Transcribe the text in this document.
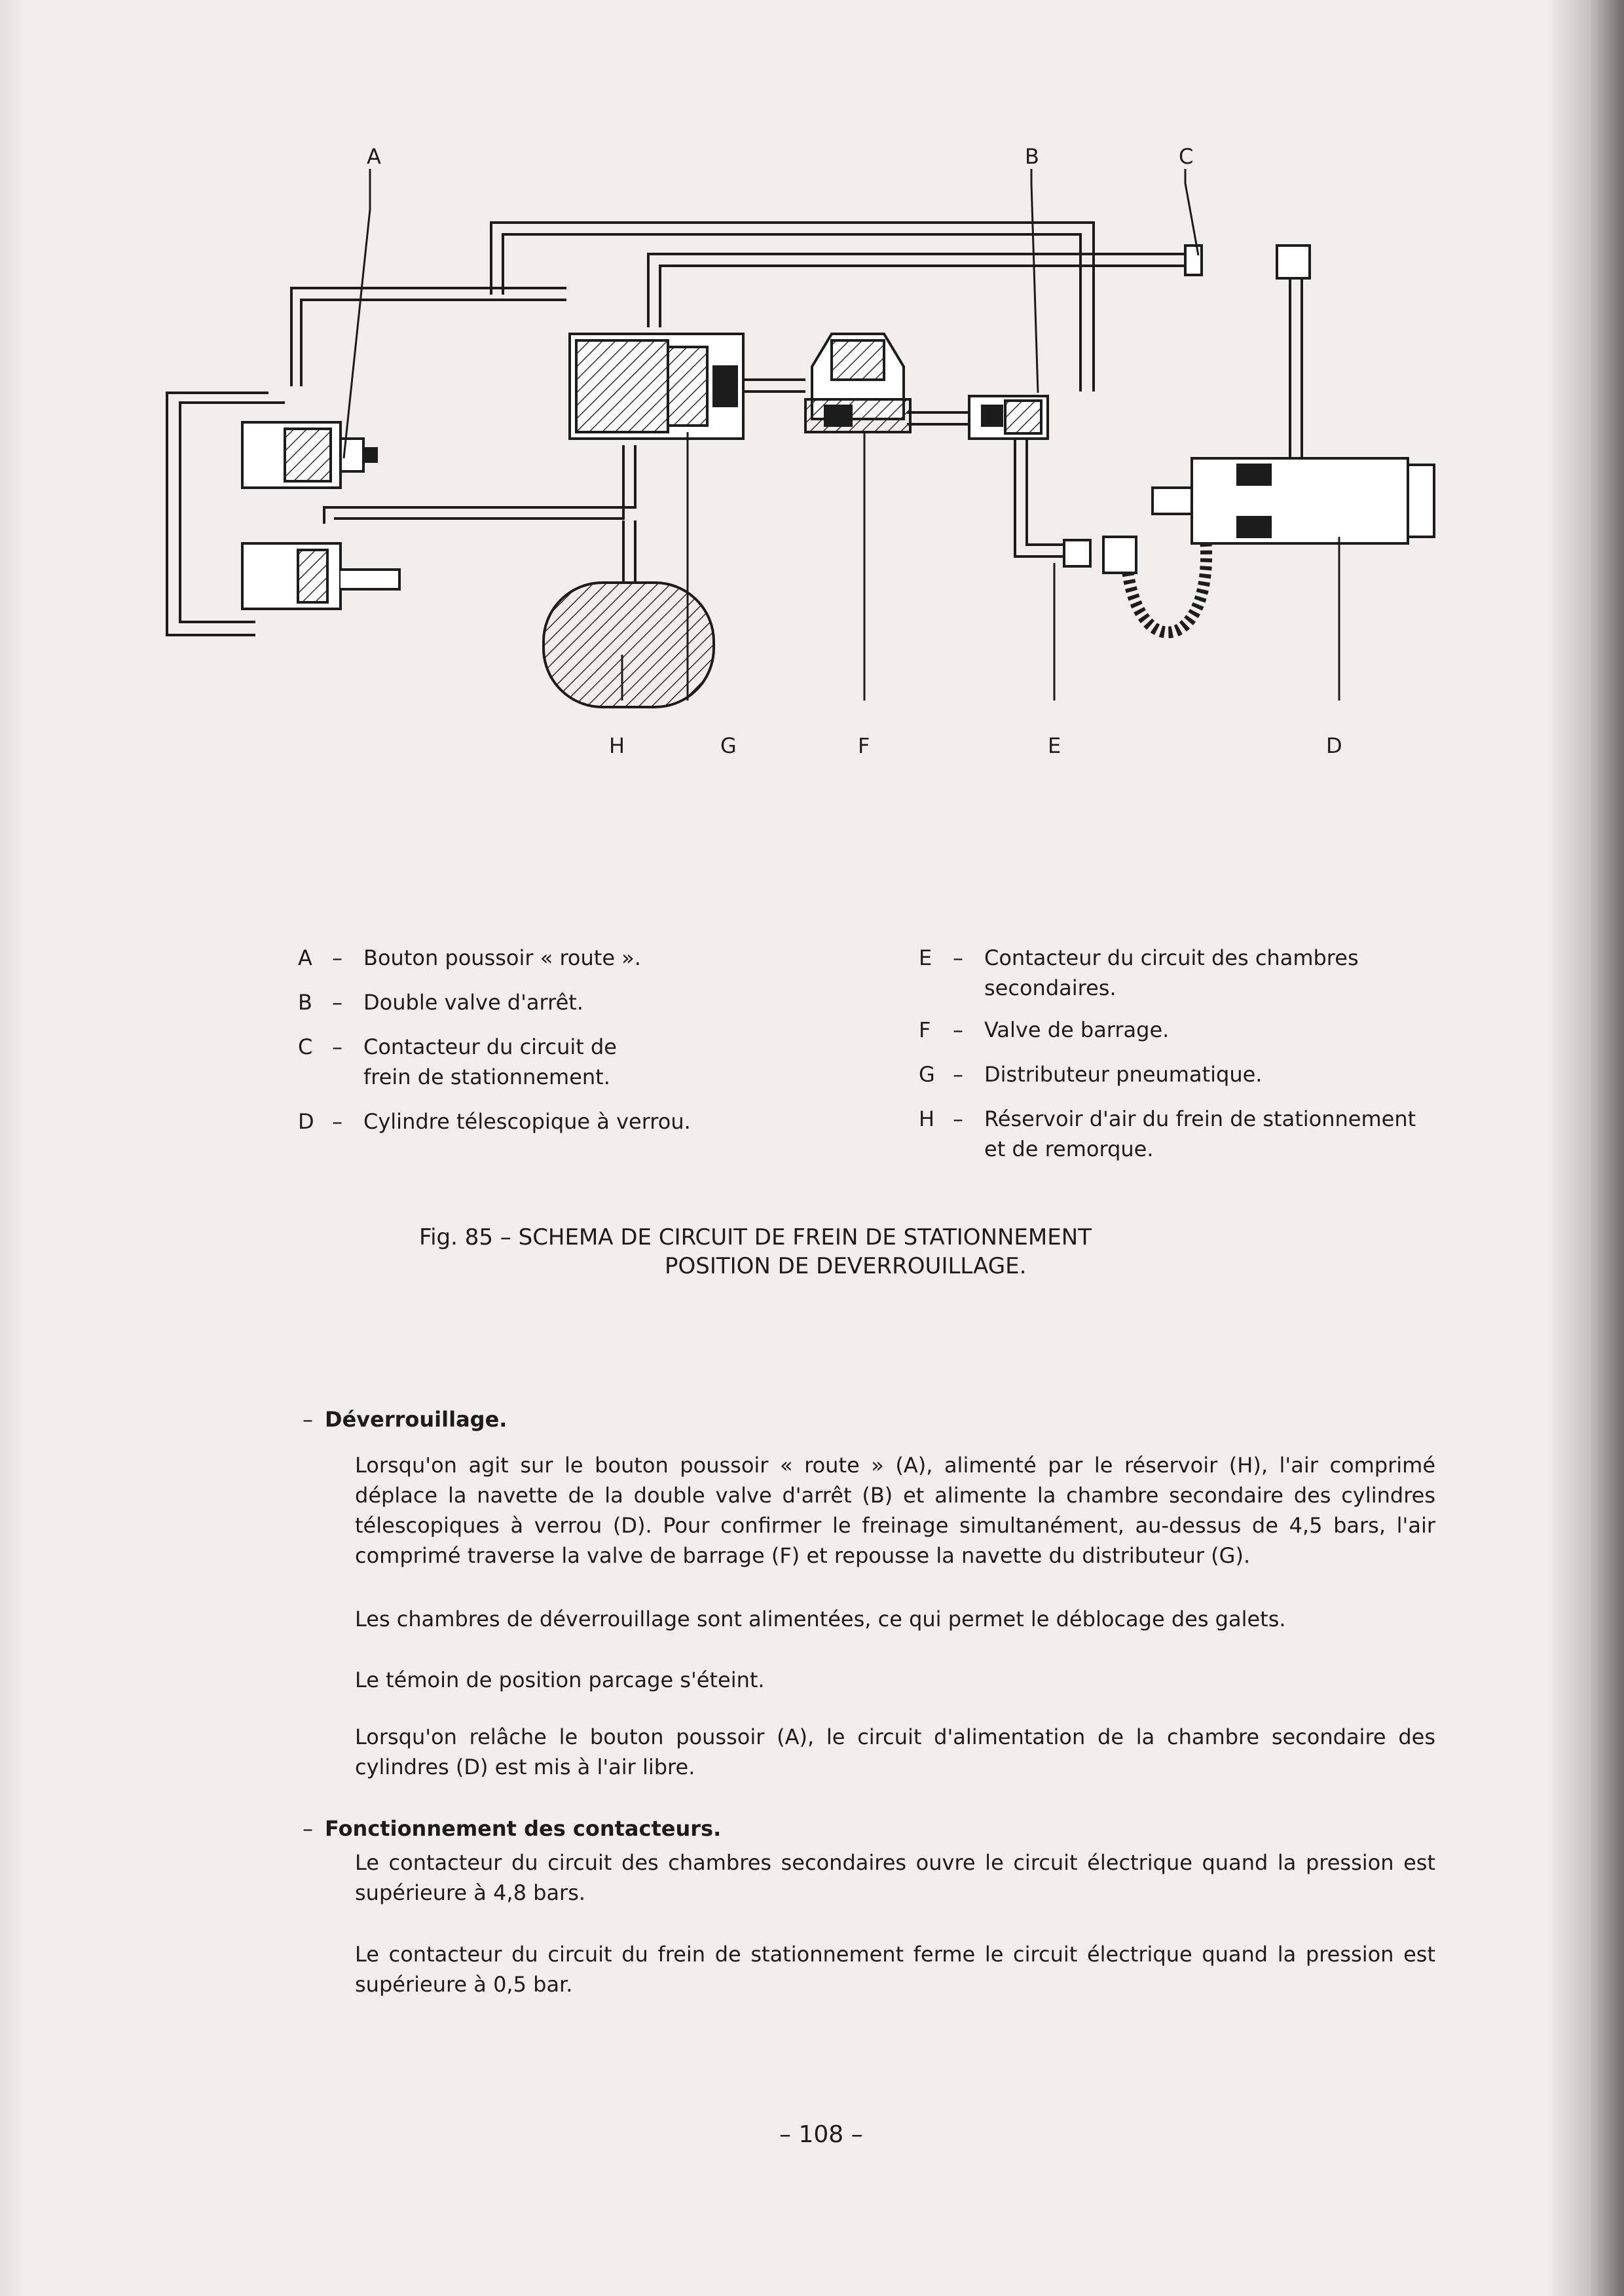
A	B	C
D
E
F
G
H
A – Bouton poussoir « route ».
B – Double valve d'arrêt.
C – Contacteur du circuit de frein de stationnement.
D – Cylindre télescopique à verrou.
E – Contacteur du circuit des chambres secondaires.
F	– Valve de barrage.
G – Distributeur pneumatique.
H – Réservoir d'air du frein de stationnement et de remorque.
Fig. 85 – SCHEMA DE CIRCUIT DE FREIN DE STATIONNEMENT
POSITION DE DEVERROUILLAGE.
– Déverrouillage.
Lorsqu'on agit sur le bouton poussoir « route » (A), alimenté par le réservoir (H), l'air comprimé déplace la navette de la double valve d'arrêt (B) et alimente la chambre secondaire des cylindres télescopiques à verrou (D). Pour confirmer le freinage simultanément, au-dessus de 4,5 bars, l'air comprimé traverse la valve de barrage (F) et repousse la navette du distributeur (G).
Les chambres de déverrouillage sont alimentées, ce qui permet le déblocage des galets.
Le témoin de position parcage s'éteint.
Lorsqu'on relâche le bouton poussoir (A), le circuit d'alimentation de la chambre secondaire des cylindres (D) est mis à l'air libre.
– Fonctionnement des contacteurs.
Le contacteur du circuit des chambres secondaires ouvre le circuit électrique quand la pression est supérieure à 4,8 bars.
Le contacteur du circuit du frein de stationnement ferme le circuit électrique quand la pression est supérieure à 0,5 bar.
– 108 –
